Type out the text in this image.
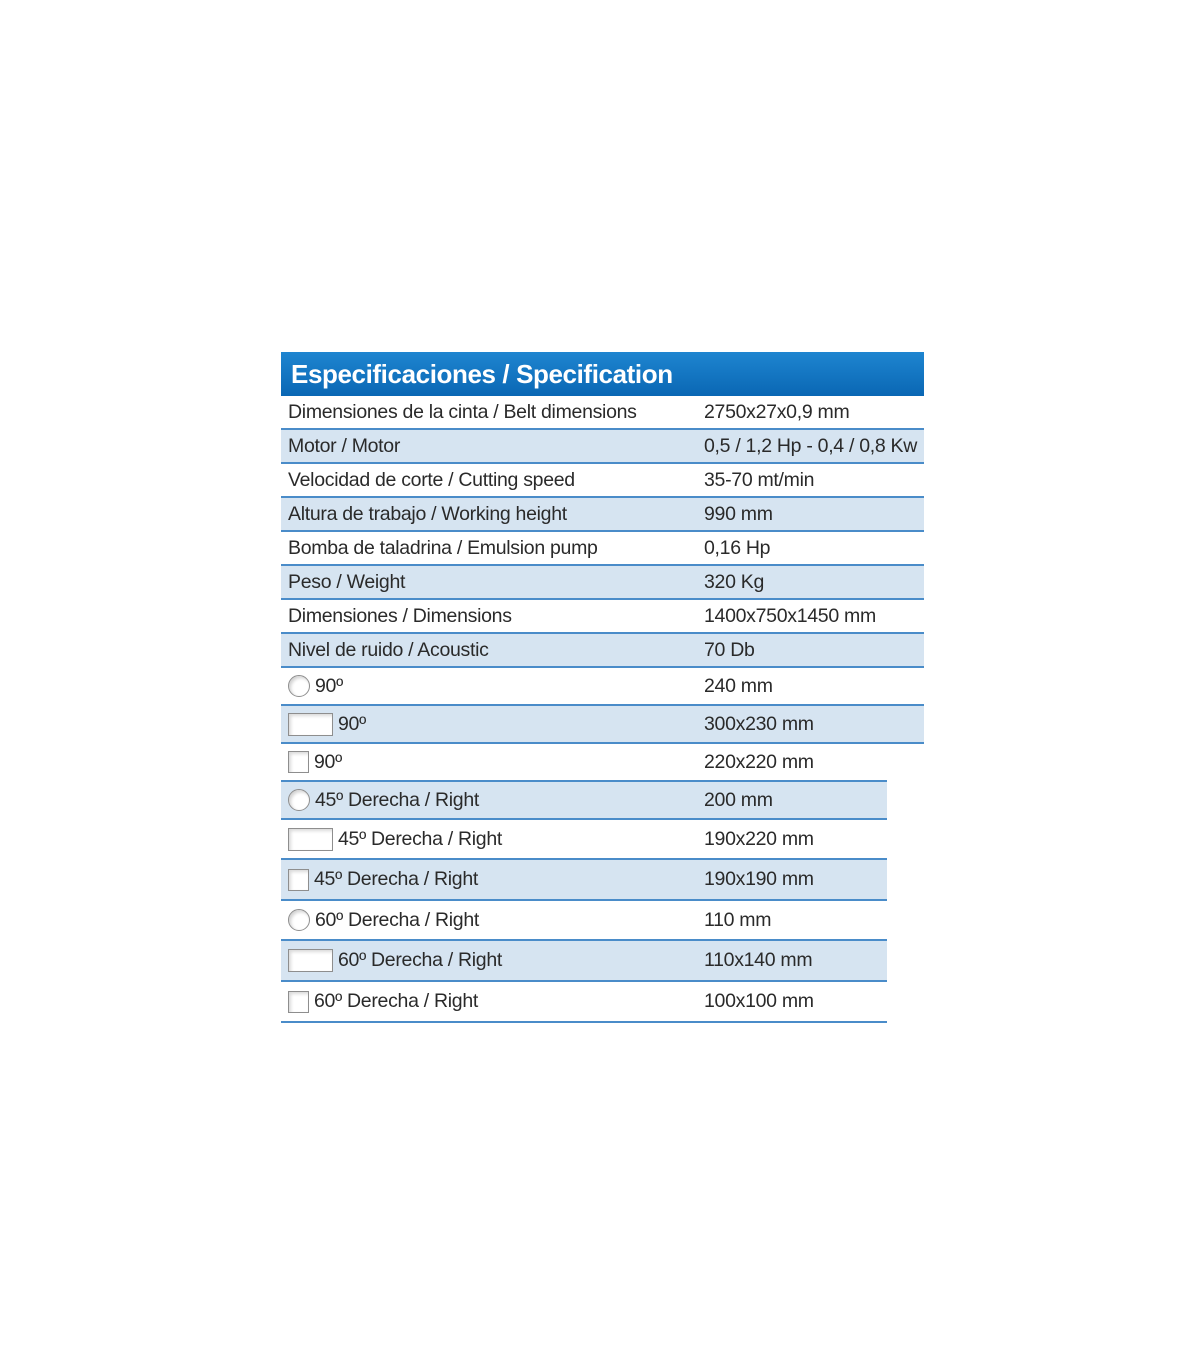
Especificaciones / Specification
Dimensiones de la cinta / Belt dimensions	2750x27x0,9 mm
Motor / Motor	0,5 / 1,2 Hp - 0,4 / 0,8 Kw
Velocidad de corte / Cutting speed	35-70 mt/min
Altura de trabajo / Working height	990 mm
Bomba de taladrina / Emulsion pump	0,16 Hp
Peso / Weight	320 Kg
Dimensiones / Dimensions	1400x750x1450 mm
Nivel de ruido / Acoustic	70 Db
90º	240 mm
90º	300x230 mm
90º	220x220 mm
45º Derecha / Right	200 mm
45º Derecha / Right	190x220 mm
45º Derecha / Right	190x190 mm
60º Derecha / Right	110 mm
60º Derecha / Right	110x140 mm
60º Derecha / Right	100x100 mm
